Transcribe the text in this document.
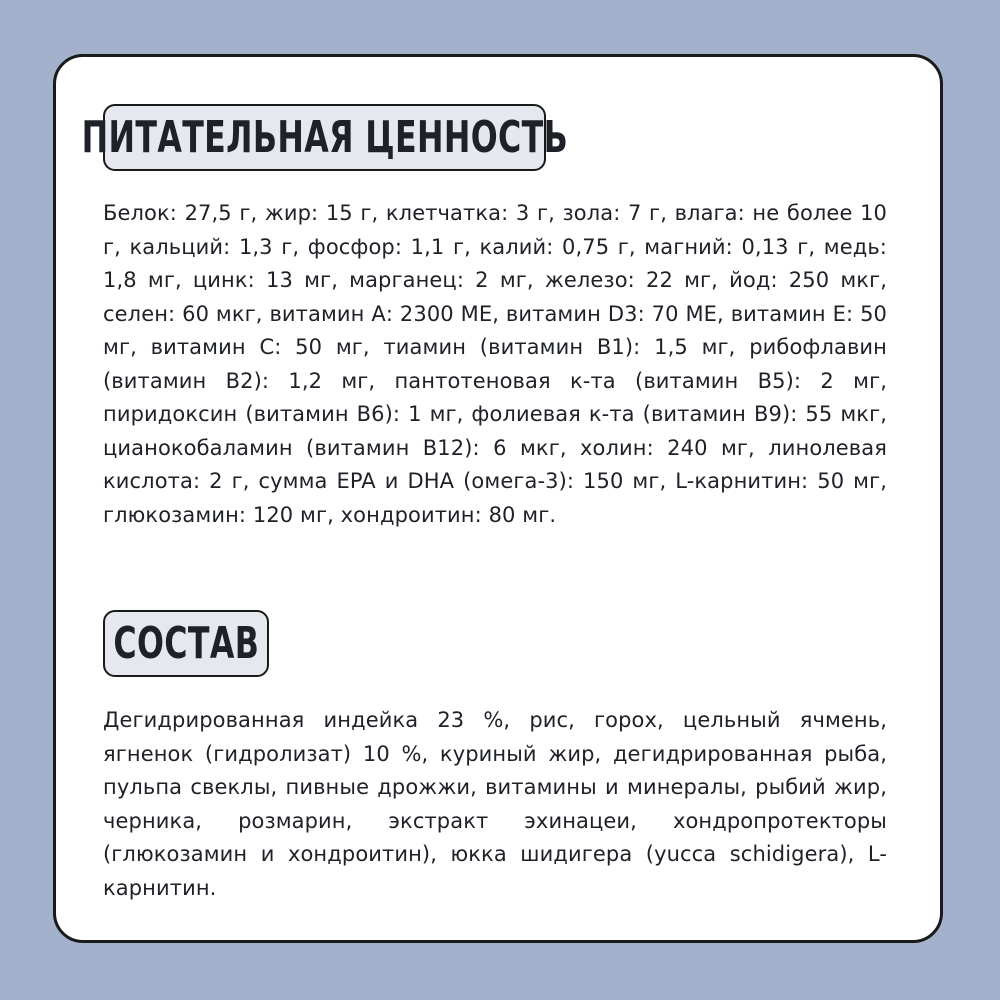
ПИТАТЕЛЬНАЯ ЦЕННОСТЬ
Белок: 27,5 г, жир: 15 г, клетчатка: 3 г, зола: 7 г, влага: не более 10 г, кальций: 1,3 г, фосфор: 1,1 г, калий: 0,75 г, магний: 0,13 г, медь: 1,8 мг, цинк: 13 мг, марганец: 2 мг, железо: 22 мг, йод: 250 мкг, селен: 60 мкг, витамин А: 2300 МЕ, витамин D3: 70 МЕ, витамин Е: 50 мг, витамин С: 50 мг, тиамин (витамин В1): 1,5 мг, рибофлавин (витамин В2): 1,2 мг, пантотеновая к-та (витамин В5): 2 мг, пиридоксин (витамин В6): 1 мг, фолиевая к-та (витамин В9): 55 мкг, цианокобаламин (витамин В12): 6 мкг, холин: 240 мг, линолевая кислота: 2 г, сумма EPA и DHA (омега-3): 150 мг, L-карнитин: 50 мг, глюкозамин: 120 мг, хондроитин: 80 мг.
СОСТАВ
Дегидрированная индейка 23 %, рис, горох, цельный ячмень, ягненок (гидролизат) 10 %, куриный жир, дегидрированная рыба, пульпа свеклы, пивные дрожжи, витамины и минералы, рыбий жир, черника, розмарин, экстракт эхинацеи, хондропротекторы (глюкозамин и хондроитин), юкка шидигера (yucca schidigera), L-карнитин.
